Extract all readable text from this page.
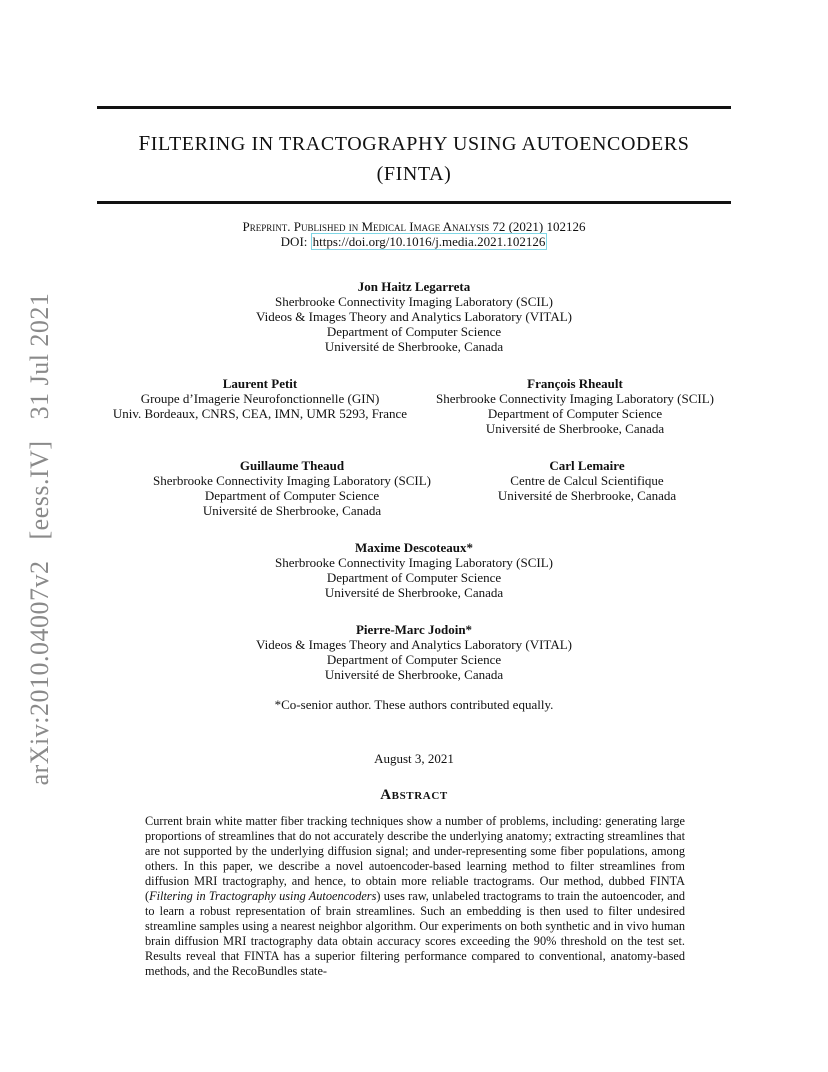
arXiv:2010.04007v2   [eess.IV]   31 Jul 2021
FILTERING IN TRACTOGRAPHY USING AUTOENCODERS
(FINTA)
Preprint. Published in Medical Image Analysis 72 (2021) 102126
DOI: https://doi.org/10.1016/j.media.2021.102126
Jon Haitz Legarreta
Sherbrooke Connectivity Imaging Laboratory (SCIL)
Videos & Images Theory and Analytics Laboratory (VITAL)
Department of Computer Science
Université de Sherbrooke, Canada
Laurent Petit
Groupe d’Imagerie Neurofonctionnelle (GIN)
Univ. Bordeaux, CNRS, CEA, IMN, UMR 5293, France
François Rheault
Sherbrooke Connectivity Imaging Laboratory (SCIL)
Department of Computer Science
Université de Sherbrooke, Canada
Guillaume Theaud
Sherbrooke Connectivity Imaging Laboratory (SCIL)
Department of Computer Science
Université de Sherbrooke, Canada
Carl Lemaire
Centre de Calcul Scientifique
Université de Sherbrooke, Canada
Maxime Descoteaux*
Sherbrooke Connectivity Imaging Laboratory (SCIL)
Department of Computer Science
Université de Sherbrooke, Canada
Pierre-Marc Jodoin*
Videos & Images Theory and Analytics Laboratory (VITAL)
Department of Computer Science
Université de Sherbrooke, Canada
*Co-senior author. These authors contributed equally.
August 3, 2021
Abstract
Current brain white matter fiber tracking techniques show a number of problems, including: generating large proportions of streamlines that do not accurately describe the underlying anatomy; extracting streamlines that are not supported by the underlying diffusion signal; and under-representing some fiber populations, among others. In this paper, we describe a novel autoencoder-based learning method to filter streamlines from diffusion MRI tractography, and hence, to obtain more reliable tractograms. Our method, dubbed FINTA (Filtering in Tractography using Autoencoders) uses raw, unlabeled tractograms to train the autoencoder, and to learn a robust representation of brain streamlines. Such an embedding is then used to filter undesired streamline samples using a nearest neighbor algorithm. Our experiments on both synthetic and in vivo human brain diffusion MRI tractography data obtain accuracy scores exceeding the 90% threshold on the test set. Results reveal that FINTA has a superior filtering performance compared to conventional, anatomy-based methods, and the RecoBundles state-
